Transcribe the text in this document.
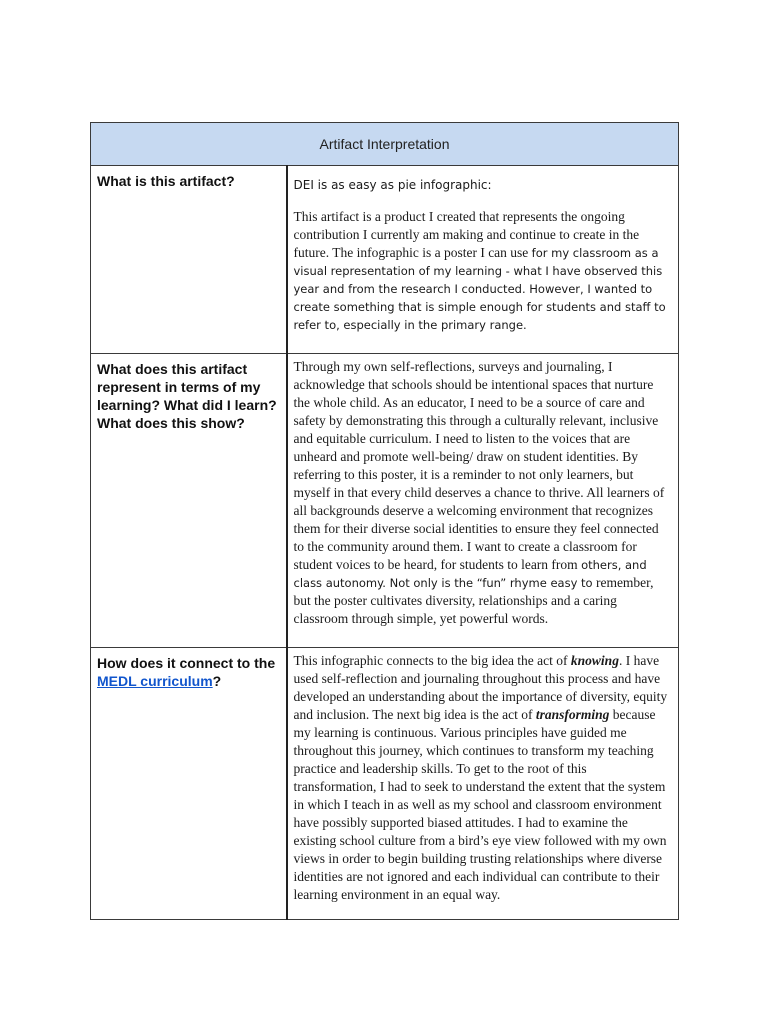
Artifact Interpretation	

What is this artifact?	DEI is as easy as pie infographic:

This artifact is a product I created that represents the ongoing contribution I currently am making and continue to create in the future. The infographic is a poster I can use for my classroom as a visual representation of my learning - what I have observed this year and from the research I conducted. However, I wanted to create something that is simple enough for students and staff to refer to, especially in the primary range.

What does this artifact represent in terms of my learning? What did I learn? What does this show?	Through my own self-reflections, surveys and journaling, I acknowledge that schools should be intentional spaces that nurture the whole child. As an educator, I need to be a source of care and safety by demonstrating this through a culturally relevant, inclusive and equitable curriculum. I need to listen to the voices that are unheard and promote well-being/ draw on student identities. By referring to this poster, it is a reminder to not only learners, but myself in that every child deserves a chance to thrive. All learners of all backgrounds deserve a welcoming environment that recognizes them for their diverse social identities to ensure they feel connected to the community around them. I want to create a classroom for student voices to be heard, for students to learn from others, and class autonomy. Not only is the “fun” rhyme easy to remember, but the poster cultivates diversity, relationships and a caring classroom through simple, yet powerful words.

How does it connect to the MEDL curriculum?	This infographic connects to the big idea the act of knowing. I have used self-reflection and journaling throughout this process and have developed an understanding about the importance of diversity, equity and inclusion. The next big idea is the act of transforming because my learning is continuous. Various principles have guided me throughout this journey, which continues to transform my teaching practice and leadership skills. To get to the root of this transformation, I had to seek to understand the extent that the system in which I teach in as well as my school and classroom environment have possibly supported biased attitudes. I had to examine the existing school culture from a bird’s eye view followed with my own views in order to begin building trusting relationships where diverse identities are not ignored and each individual can contribute to their learning environment in an equal way.
